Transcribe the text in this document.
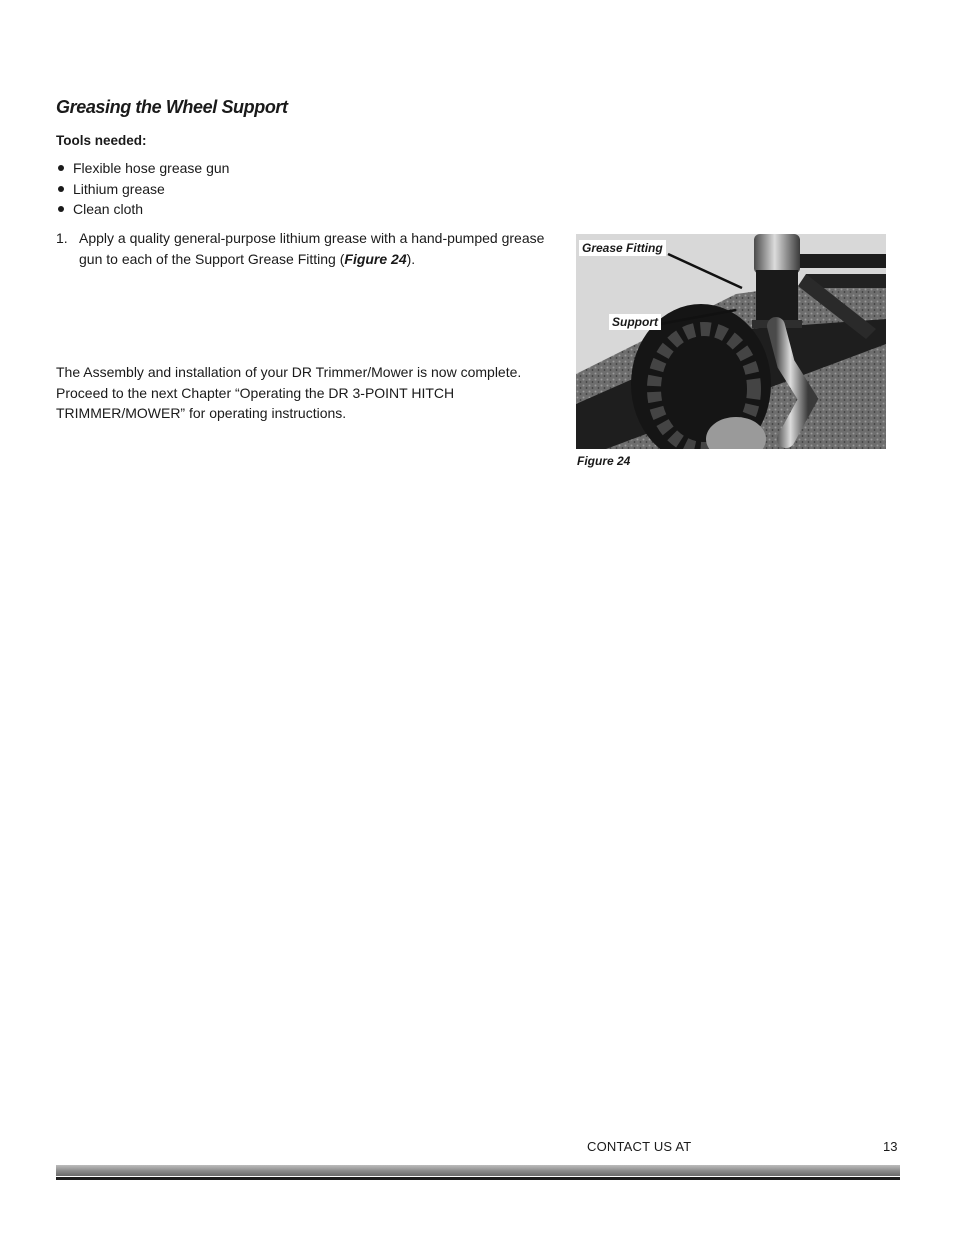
Greasing the Wheel Support
Tools needed:
Flexible hose grease gun
Lithium grease
Clean cloth
1. Apply a quality general-purpose lithium grease with a hand-pumped grease gun to each of the Support Grease Fitting (Figure 24).
The Assembly and installation of your DR Trimmer/Mower is now complete. Proceed to the next Chapter “Operating the DR 3-POINT HITCH TRIMMER/MOWER” for operating instructions.
Grease Fitting
Support
Figure 24
CONTACT US AT	13
